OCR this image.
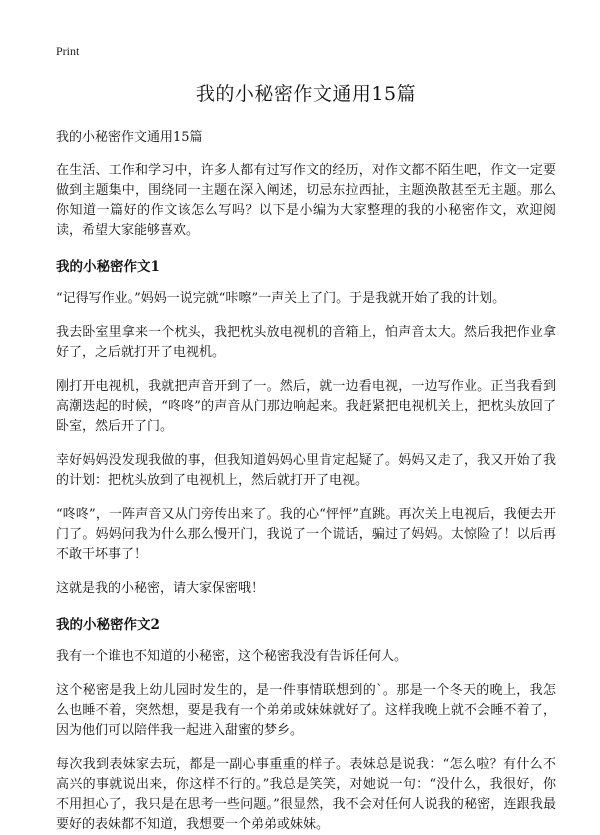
Print
我的小秘密作文通用15篇
我的小秘密作文通用15篇

在生活、工作和学习中，许多人都有过写作文的经历，对作文都不陌生吧，作文一定要做到主题集中，围绕同一主题在深入阐述，切忌东拉西扯，主题涣散甚至无主题。那么你知道一篇好的作文该怎么写吗？以下是小编为大家整理的我的小秘密作文，欢迎阅读，希望大家能够喜欢。

我的小秘密作文1

“记得写作业。”妈妈一说完就“咔嚓”一声关上了门。于是我就开始了我的计划。

我去卧室里拿来一个枕头，我把枕头放电视机的音箱上，怕声音太大。然后我把作业拿好了，之后就打开了电视机。

刚打开电视机，我就把声音开到了一。然后，就一边看电视，一边写作业。正当我看到高潮迭起的时候，“咚咚”的声音从门那边响起来。我赶紧把电视机关上，把枕头放回了卧室，然后开了门。

幸好妈妈没发现我做的事，但我知道妈妈心里肯定起疑了。妈妈又走了，我又开始了我的计划：把枕头放到了电视机上，然后就打开了电视。

“咚咚”，一阵声音又从门旁传出来了。我的心“怦怦”直跳。再次关上电视后，我便去开门了。妈妈问我为什么那么慢开门，我说了一个谎话，骗过了妈妈。太惊险了！以后再不敢干坏事了！

这就是我的小秘密，请大家保密哦！

我的小秘密作文2

我有一个谁也不知道的小秘密，这个秘密我没有告诉任何人。

这个秘密是我上幼儿园时发生的，是一件事情联想到的`。那是一个冬天的晚上，我怎么也睡不着，突然想，要是我有一个弟弟或妹妹就好了。这样我晚上就不会睡不着了，因为他们可以陪伴我一起进入甜蜜的梦乡。

每次我到表妹家去玩，都是一副心事重重的样子。表妹总是说我：“怎么啦？有什么不高兴的事就说出来，你这样不行的。”我总是笑笑，对她说一句：“没什么，我很好，你不用担心了，我只是在思考一些问题。”很显然，我不会对任何人说我的秘密，连跟我最要好的表妹都不知道，我想要一个弟弟或妹妹。
